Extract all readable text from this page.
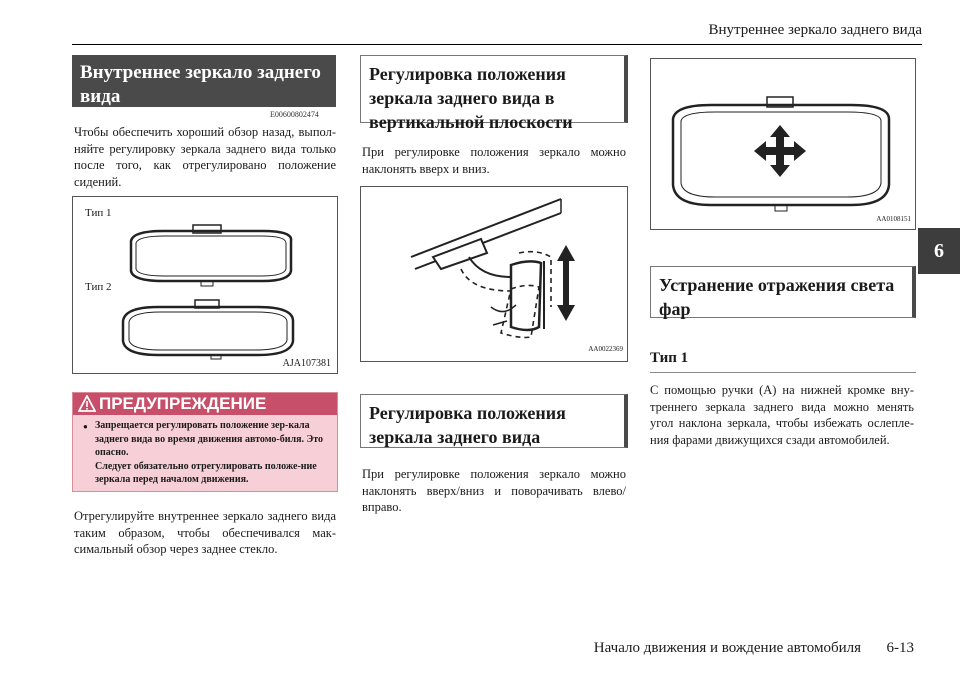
Внутреннее зеркало заднего вида
6
Внутреннее зеркало заднего вида
E00600802474
Чтобы обеспечить хороший обзор назад, выпол-няйте регулировку зеркала заднего вида только после того, как отрегулировано положение сидений.
Тип 1
Тип 2
AJA107381
ПРЕДУПРЕЖДЕНИЕ
● Запрещается регулировать положение зер-кала заднего вида во время движения автомо-биля. Это опасно.
Следует обязательно отрегулировать положе-ние зеркала перед началом движения.
Отрегулируйте внутреннее зеркало заднего вида таким образом, чтобы обеспечивался мак-симальный обзор через заднее стекло.
Регулировка положения зеркала заднего вида в вертикальной плоскости
При регулировке положения зеркало можно наклонять вверх и вниз.
AA0022369
Регулировка положения зеркала заднего вида
При регулировке положения зеркало можно наклонять вверх/вниз и поворачивать влево/вправо.
AA0108151
Устранение отражения света фар
Тип 1
С помощью ручки (А) на нижней кромке вну-треннего зеркала заднего вида можно менять угол наклона зеркала, чтобы избежать ослепле-ния фарами движущихся сзади автомобилей.
Начало движения и вождение автомобиля 6-13
